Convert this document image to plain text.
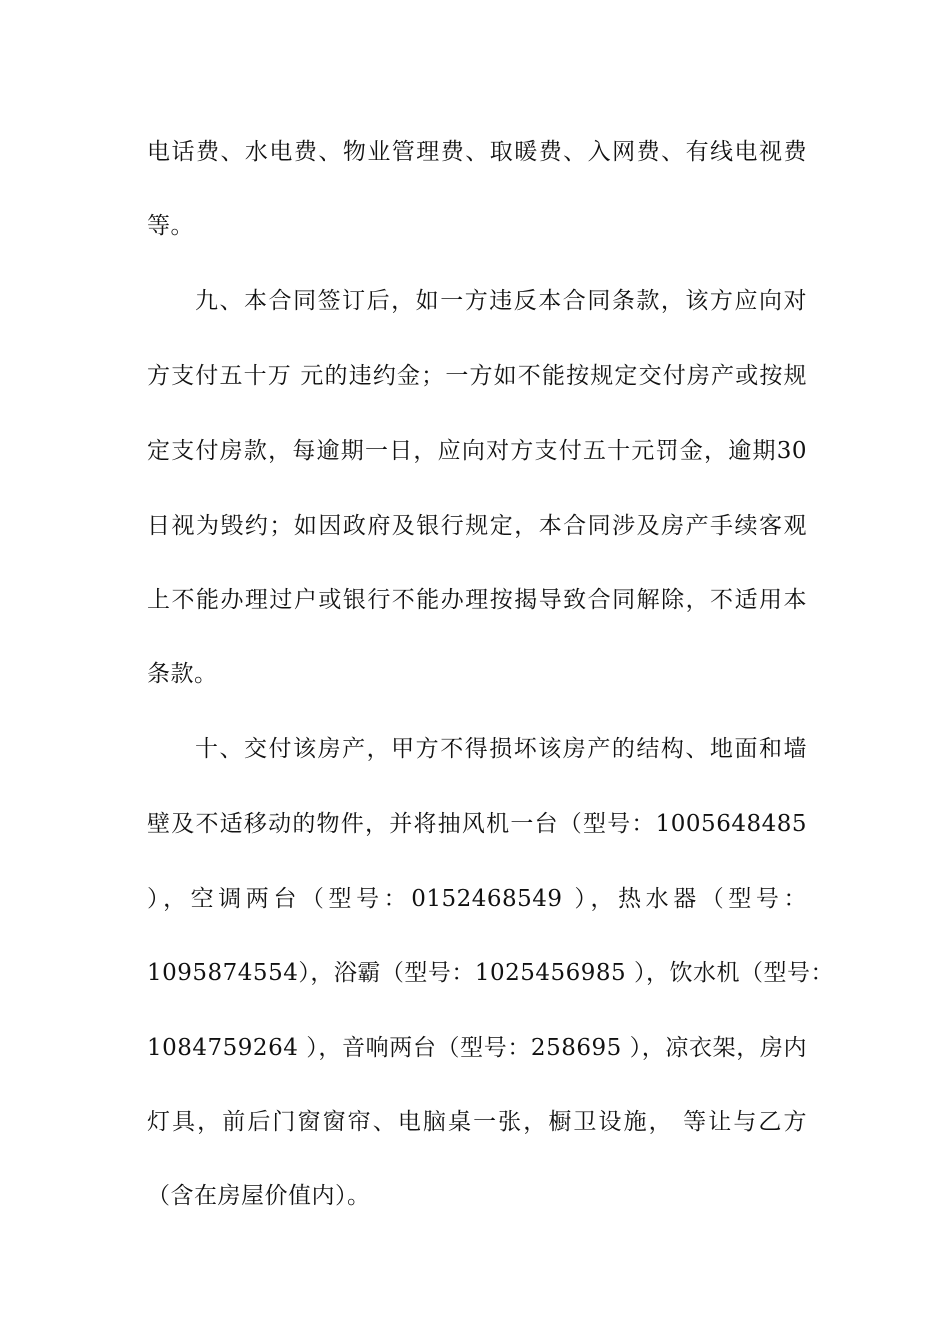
电话费、水电费、物业管理费、取暖费、入网费、有线电视费
等。
九、本合同签订后，如一方违反本合同条款，该方应向对
方支付五十万 元的违约金；一方如不能按规定交付房产或按规
定支付房款，每逾期一日，应向对方支付五十元罚金，逾期30
日视为毁约；如因政府及银行规定，本合同涉及房产手续客观
上不能办理过户或银行不能办理按揭导致合同解除，不适用本
条款。
十、交付该房产，甲方不得损坏该房产的结构、地面和墙
壁及不适移动的物件，并将抽风机一台（型号：1005648485
），空调两台（型号：0152468549 ），热水器（型号：
1095874554），浴霸（型号：1025456985 ），饮水机（型号：
1084759264 ），音响两台（型号：258695 ），凉衣架，房内
灯具，前后门窗窗帘、电脑桌一张，橱卫设施， 等让与乙方
（含在房屋价值内）。
